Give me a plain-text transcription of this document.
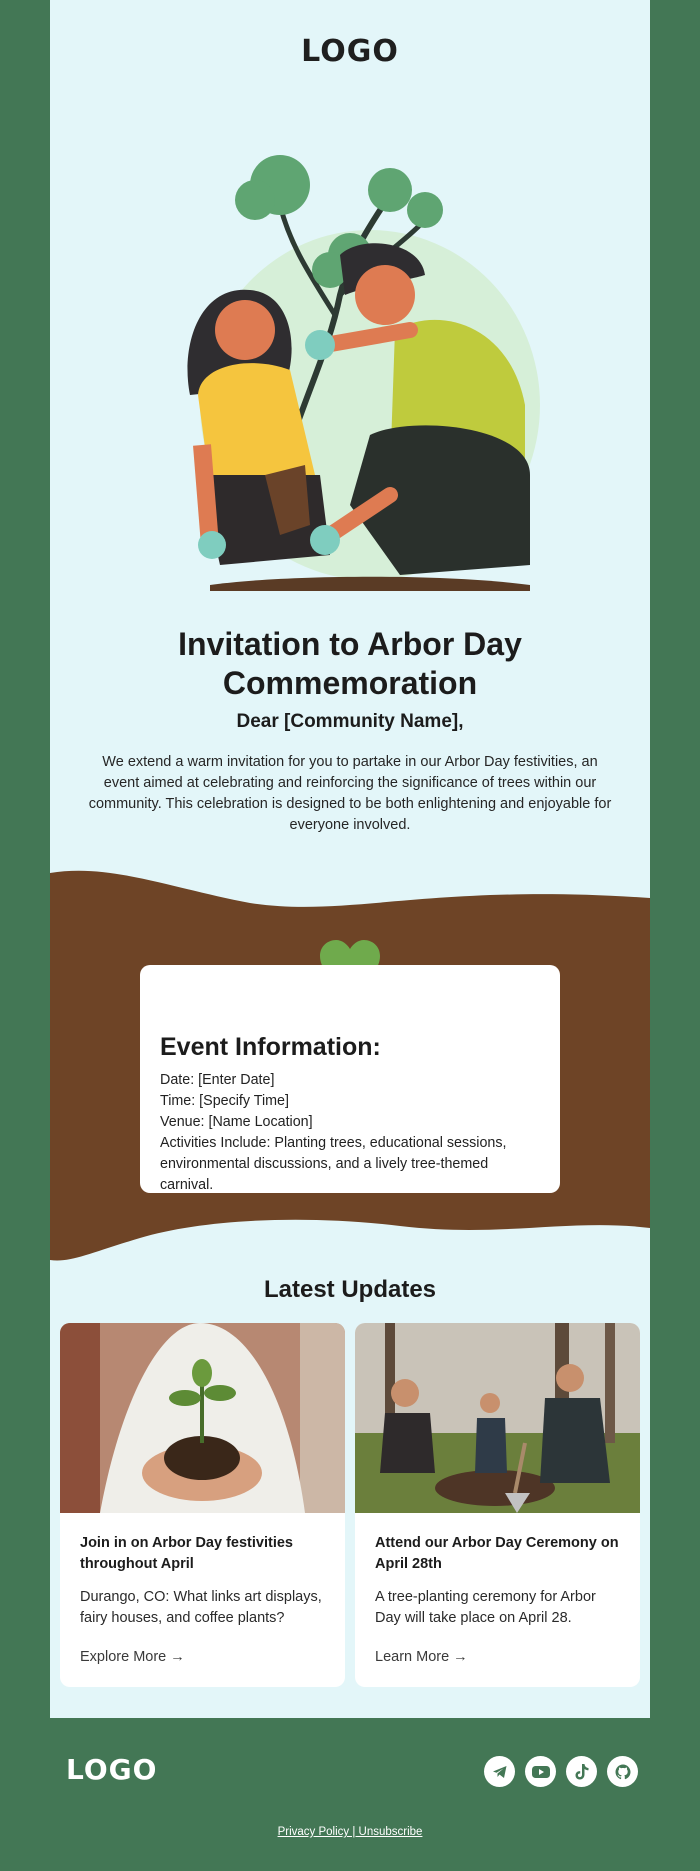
LOGO
Invitation to Arbor Day Commemoration
Dear [Community Name],
We extend a warm invitation for you to partake in our Arbor Day festivities, an event aimed at celebrating and reinforcing the significance of trees within our community. This celebration is designed to be both enlightening and enjoyable for everyone involved.
Event Information:
Date: [Enter Date]
Time: [Specify Time]
Venue: [Name Location]
Activities Include: Planting trees, educational sessions, environmental discussions, and a lively tree-themed carnival.
Latest Updates
Join in on Arbor Day festivities throughout April
Durango, CO: What links art displays, fairy houses, and coffee plants?
Explore More →
Attend our Arbor Day Ceremony on April 28th
A tree-planting ceremony for Arbor Day will take place on April 28.
Learn More →
LOGO
Privacy Policy | Unsubscribe
